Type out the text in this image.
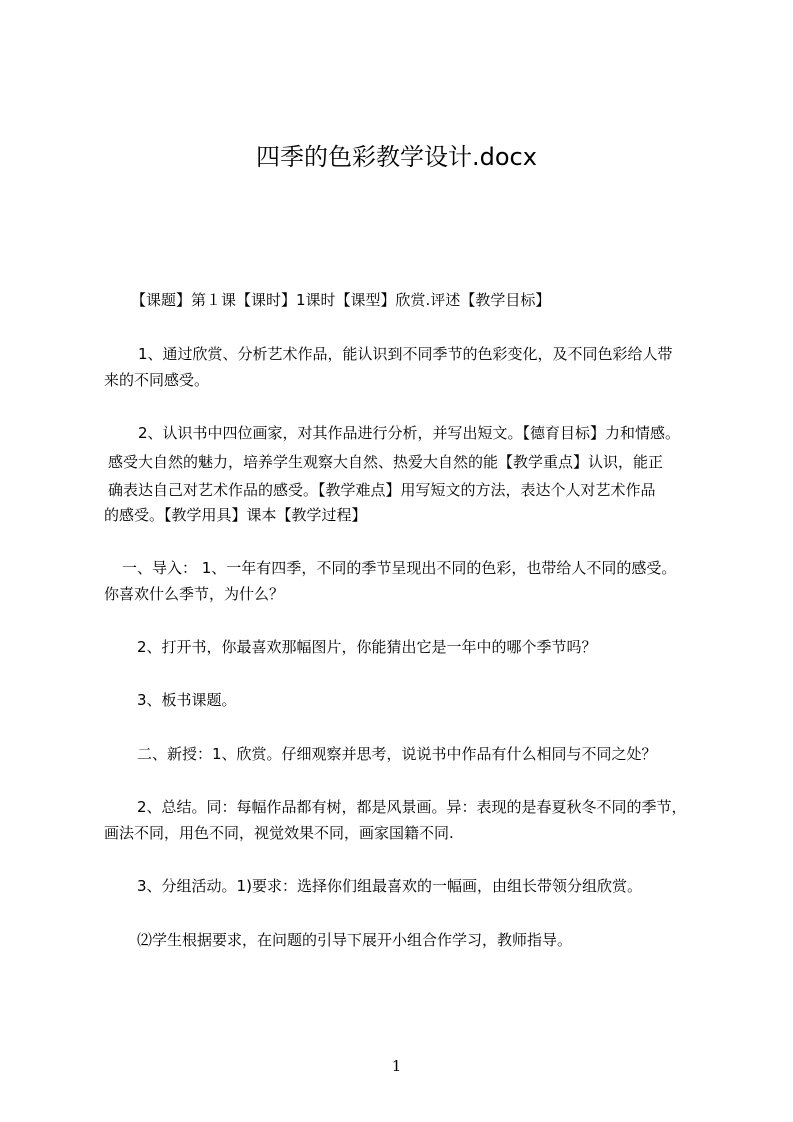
四季的色彩教学设计.docx
【课题】第１课【课时】1课时【课型】欣赏.评述【教学目标】
1、通过欣赏、分析艺术作品，能认识到不同季节的色彩变化，及不同色彩给人带
来的不同感受。
2、认识书中四位画家，对其作品进行分析，并写出短文。【德育目标】力和情感。
感受大自然的魅力，培养学生观察大自然、热爱大自然的能【教学重点】认识，能正
确表达自己对艺术作品的感受。【教学难点】用写短文的方法，表达个人对艺术作品
的感受。【教学用具】课本【教学过程】
一、导入： 1、一年有四季，不同的季节呈现出不同的色彩，也带给人不同的感受。
你喜欢什么季节，为什么？
2、打开书，你最喜欢那幅图片，你能猜出它是一年中的哪个季节吗？
3、板书课题。
二、新授：1、欣赏。仔细观察并思考，说说书中作品有什么相同与不同之处？
2、总结。同：每幅作品都有树，都是风景画。异：表现的是春夏秋冬不同的季节，
画法不同，用色不同，视觉效果不同，画家国籍不同.
3、分组活动。1)要求：选择你们组最喜欢的一幅画，由组长带领分组欣赏。
⑵学生根据要求，在问题的引导下展开小组合作学习，教师指导。
1
